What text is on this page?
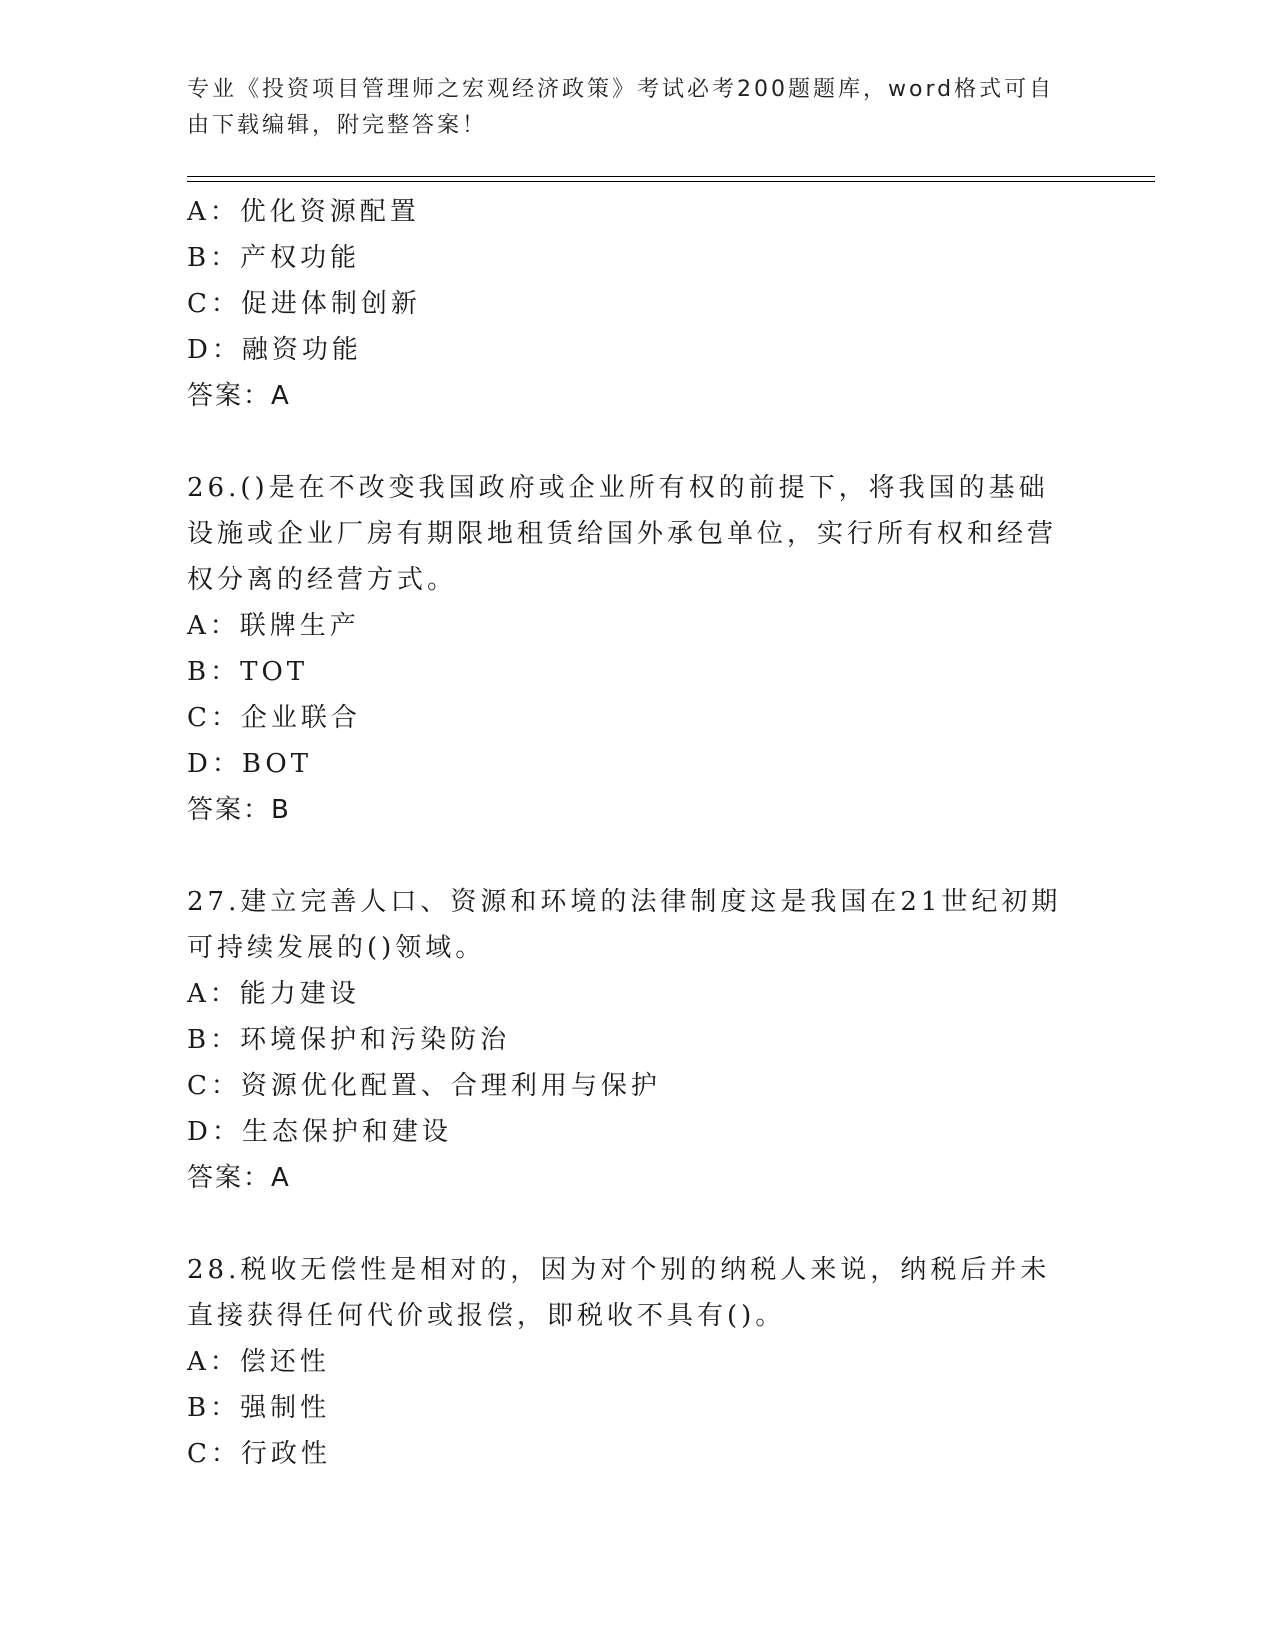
专业《投资项目管理师之宏观经济政策》考试必考200题题库，word格式可自由下载编辑，附完整答案！
A：优化资源配置
B：产权功能
C：促进体制创新
D：融资功能
答案：A
26.()是在不改变我国政府或企业所有权的前提下，将我国的基础设施或企业厂房有期限地租赁给国外承包单位，实行所有权和经营权分离的经营方式。
A：联牌生产
B：TOT
C：企业联合
D：BOT
答案：B
27.建立完善人口、资源和环境的法律制度这是我国在21世纪初期可持续发展的()领域。
A：能力建设
B：环境保护和污染防治
C：资源优化配置、合理利用与保护
D：生态保护和建设
答案：A
28.税收无偿性是相对的，因为对个别的纳税人来说，纳税后并未直接获得任何代价或报偿，即税收不具有()。
A：偿还性
B：强制性
C：行政性
